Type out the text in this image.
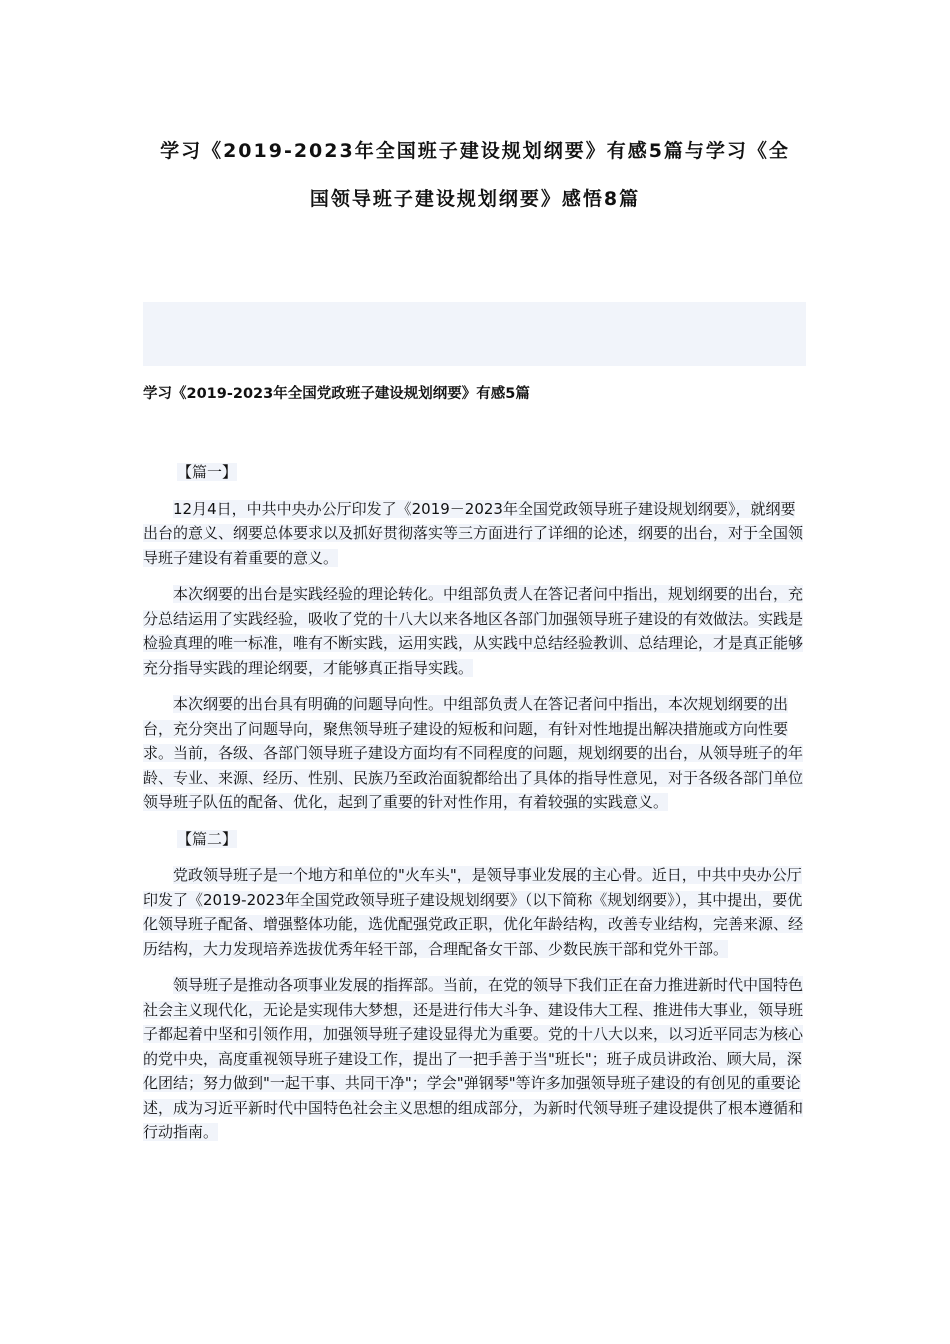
学习《2019-2023年全国班子建设规划纲要》有感5篇与学习《全
国领导班子建设规划纲要》感悟8篇
学习《2019-2023年全国党政班子建设规划纲要》有感5篇

【篇一】

12月4日，中共中央办公厅印发了《2019－2023年全国党政领导班子建设规划纲要》，就纲要出台的意义、纲要总体要求以及抓好贯彻落实等三方面进行了详细的论述，纲要的出台，对于全国领导班子建设有着重要的意义。

本次纲要的出台是实践经验的理论转化。中组部负责人在答记者问中指出，规划纲要的出台，充分总结运用了实践经验，吸收了党的十八大以来各地区各部门加强领导班子建设的有效做法。实践是检验真理的唯一标准，唯有不断实践，运用实践，从实践中总结经验教训、总结理论，才是真正能够充分指导实践的理论纲要，才能够真正指导实践。

本次纲要的出台具有明确的问题导向性。中组部负责人在答记者问中指出，本次规划纲要的出台，充分突出了问题导向，聚焦领导班子建设的短板和问题，有针对性地提出解决措施或方向性要求。当前，各级、各部门领导班子建设方面均有不同程度的问题，规划纲要的出台，从领导班子的年龄、专业、来源、经历、性别、民族乃至政治面貌都给出了具体的指导性意见，对于各级各部门单位领导班子队伍的配备、优化，起到了重要的针对性作用，有着较强的实践意义。

【篇二】

党政领导班子是一个地方和单位的"火车头"，是领导事业发展的主心骨。近日，中共中央办公厅印发了《2019-2023年全国党政领导班子建设规划纲要》（以下简称《规划纲要》），其中提出，要优化领导班子配备、增强整体功能，选优配强党政正职，优化年龄结构，改善专业结构，完善来源、经历结构，大力发现培养选拔优秀年轻干部，合理配备女干部、少数民族干部和党外干部。

领导班子是推动各项事业发展的指挥部。当前，在党的领导下我们正在奋力推进新时代中国特色社会主义现代化，无论是实现伟大梦想，还是进行伟大斗争、建设伟大工程、推进伟大事业，领导班子都起着中坚和引领作用，加强领导班子建设显得尤为重要。党的十八大以来，以习近平同志为核心的党中央，高度重视领导班子建设工作，提出了一把手善于当"班长"；班子成员讲政治、顾大局，深化团结；努力做到"一起干事、共同干净"；学会"弹钢琴"等许多加强领导班子建设的有创见的重要论述，成为习近平新时代中国特色社会主义思想的组成部分，为新时代领导班子建设提供了根本遵循和行动指南。
